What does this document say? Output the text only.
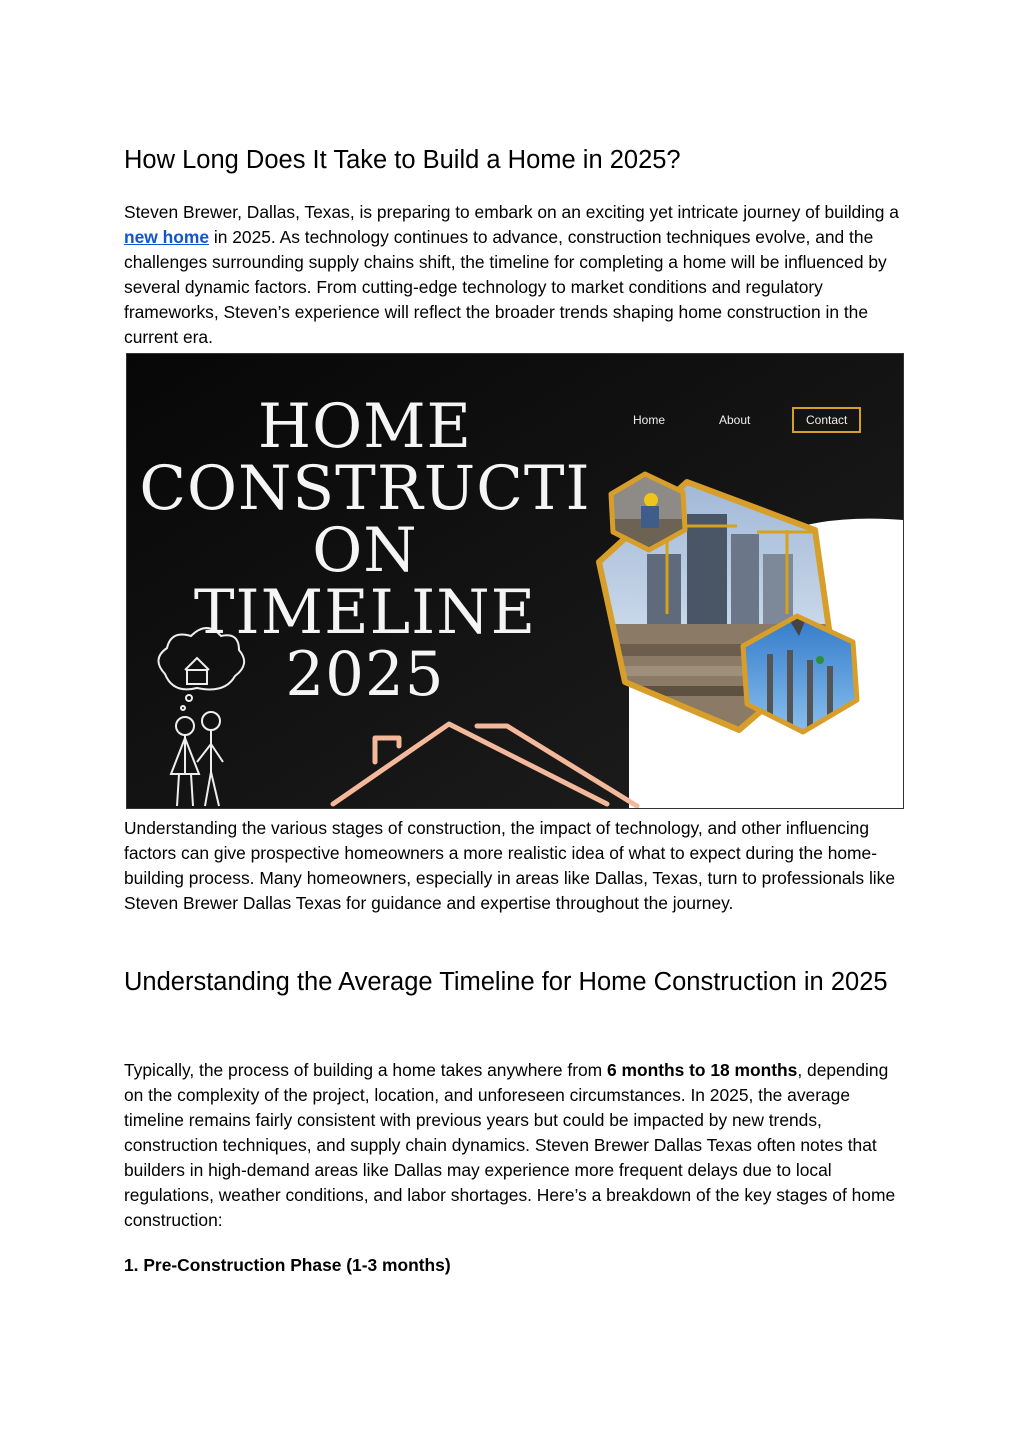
How Long Does It Take to Build a Home in 2025?

Steven Brewer, Dallas, Texas, is preparing to embark on an exciting yet intricate journey of building a new home in 2025. As technology continues to advance, construction techniques evolve, and the challenges surrounding supply chains shift, the timeline for completing a home will be influenced by several dynamic factors. From cutting-edge technology to market conditions and regulatory frameworks, Steven’s experience will reflect the broader trends shaping home construction in the current era.

HOME
CONSTRUCTI
ON
TIMELINE
2025
Home	About	Contact

Understanding the various stages of construction, the impact of technology, and other influencing factors can give prospective homeowners a more realistic idea of what to expect during the home-building process. Many homeowners, especially in areas like Dallas, Texas, turn to professionals like Steven Brewer Dallas Texas for guidance and expertise throughout the journey.

Understanding the Average Timeline for Home Construction in 2025

Typically, the process of building a home takes anywhere from 6 months to 18 months, depending on the complexity of the project, location, and unforeseen circumstances. In 2025, the average timeline remains fairly consistent with previous years but could be impacted by new trends, construction techniques, and supply chain dynamics. Steven Brewer Dallas Texas often notes that builders in high-demand areas like Dallas may experience more frequent delays due to local regulations, weather conditions, and labor shortages. Here’s a breakdown of the key stages of home construction:

1. Pre-Construction Phase (1-3 months)
